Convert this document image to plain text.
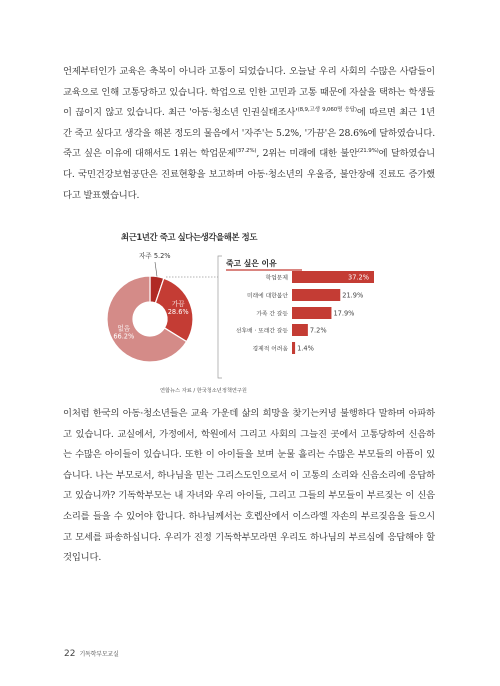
언제부터인가 교육은 축복이 아니라 고통이 되었습니다. 오늘날 우리 사회의 수많은 사람들이 교육으로 인해 고통당하고 있습니다. 학업으로 인한 고민과 고통 때문에 자살을 택하는 학생들이 끊이지 않고 있습니다. 최근 '아동·청소년 인권실태조사'$^{(8,9,고생 9,060명 응답)}$에 따르면 최근 1년간 죽고 싶다고 생각을 해본 정도의 물음에서 '자주'는 5.2%, '가끔'은 28.6%에 달하였습니다. 죽고 싶은 이유에 대해서도 1위는 학업문제$^{(37.2\%)}$, 2위는 미래에 대한 불안$^{(21.9\%)}$에 달하였습니다. 국민건강보험공단은 진료현황을 보고하며 아동·청소년의 우울증, 불안장애 진료도 증가했다고 발표했습니다.

최근1년간 죽고 싶다는생각을해본 정도
자주 5.2%
가끔
28.6%
없음
66.2%
죽고 싶은 이유
학업문제	37.2%
미래에 대한불안	21.9%
가족 간 갈등	17.9%
선후배 · 또래간 갈등	7.2%
경제적 어려움 1.4%
연합뉴스 자료 / 한국청소년정책연구원

이처럼 한국의 아동·청소년들은 교육 가운데 삶의 희망을 찾기는커녕 불행하다 말하며 아파하고 있습니다. 교실에서, 가정에서, 학원에서 그리고 사회의 그늘진 곳에서 고통당하여 신음하는 수많은 아이들이 있습니다. 또한 이 아이들을 보며 눈물 흘리는 수많은 부모들의 아픔이 있습니다. 나는 부모로서, 하나님을 믿는 그리스도인으로서 이 고통의 소리와 신음소리에 응답하고 있습니까? 기독학부모는 내 자녀와 우리 아이들, 그리고 그들의 부모들이 부르짖는 이 신음소리를 들을 수 있어야 합니다. 하나님께서는 호렙산에서 이스라엘 자손의 부르짖음을 들으시고 모세를 파송하십니다. 우리가 진정 기독학부모라면 우리도 하나님의 부르심에 응답해야 할 것입니다.

22 기독학부모교실
